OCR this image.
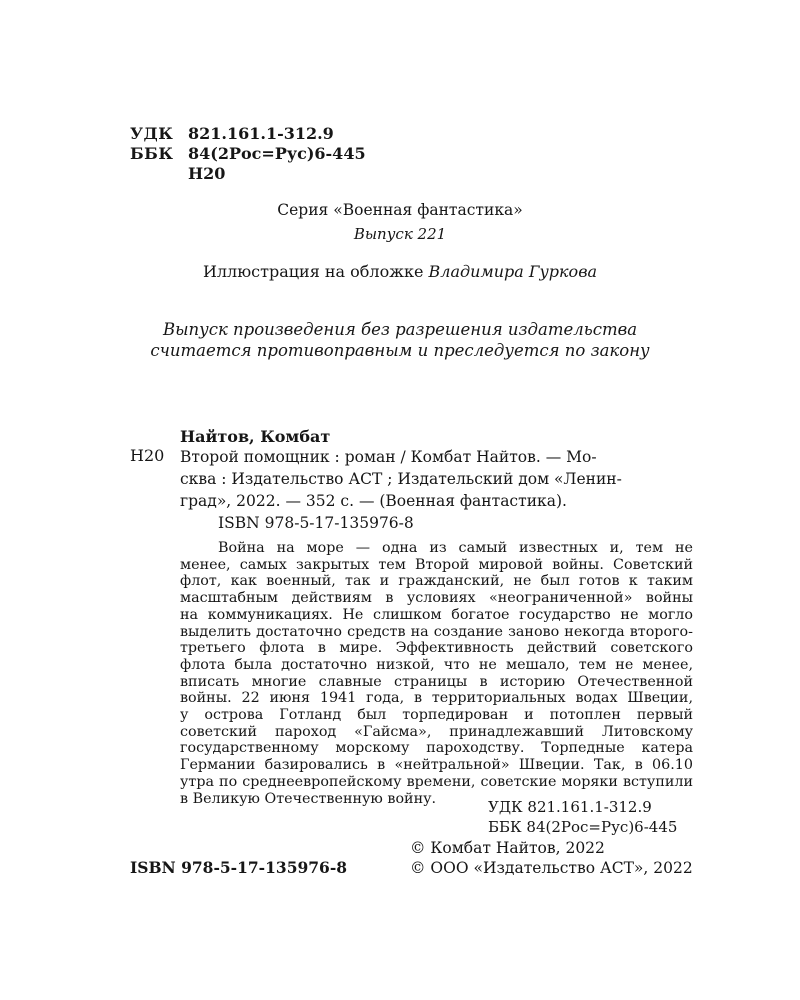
УДК 821.161.1-312.9
ББК 84(2Рос=Рус)6-445
Н20
Серия «Военная фантастика»
Выпуск 221
Иллюстрация на обложке Владимира Гуркова
Выпуск произведения без разрешения издательства
считается противоправным и преследуется по закону
Найтов, Комбат
Н20 Второй помощник : роман / Комбат Найтов. — Мо-
сква : Издательство АСТ ; Издательский дом «Ленин-
град», 2022. — 352 с. — (Военная фантастика).
ISBN 978-5-17-135976-8
Война на море — одна из самый известных и, тем не
менее, самых закрытых тем Второй мировой войны. Советский
флот, как военный, так и гражданский, не был готов к таким
масштабным действиям в условиях «неограниченной» войны
на коммуникациях. Не слишком богатое государство не могло
выделить достаточно средств на создание заново некогда второго-
третьего флота в мире. Эффективность действий советского
флота была достаточно низкой, что не мешало, тем не менее,
вписать многие славные страницы в историю Отечественной
войны. 22 июня 1941 года, в территориальных водах Швеции,
у острова Готланд был торпедирован и потоплен первый
советский пароход «Гайсма», принадлежавший Литовскому
государственному морскому пароходству. Торпедные катера
Германии базировались в «нейтральной» Швеции. Так, в 06.10
утра по среднеевропейскому времени, советские моряки вступили
в Великую Отечественную войну.	УДК 821.161.1-312.9
ББК 84(2Рос=Рус)6-445
ISBN 978-5-17-135976-8
© Комбат Найтов, 2022
© ООО «Издательство АСТ», 2022
